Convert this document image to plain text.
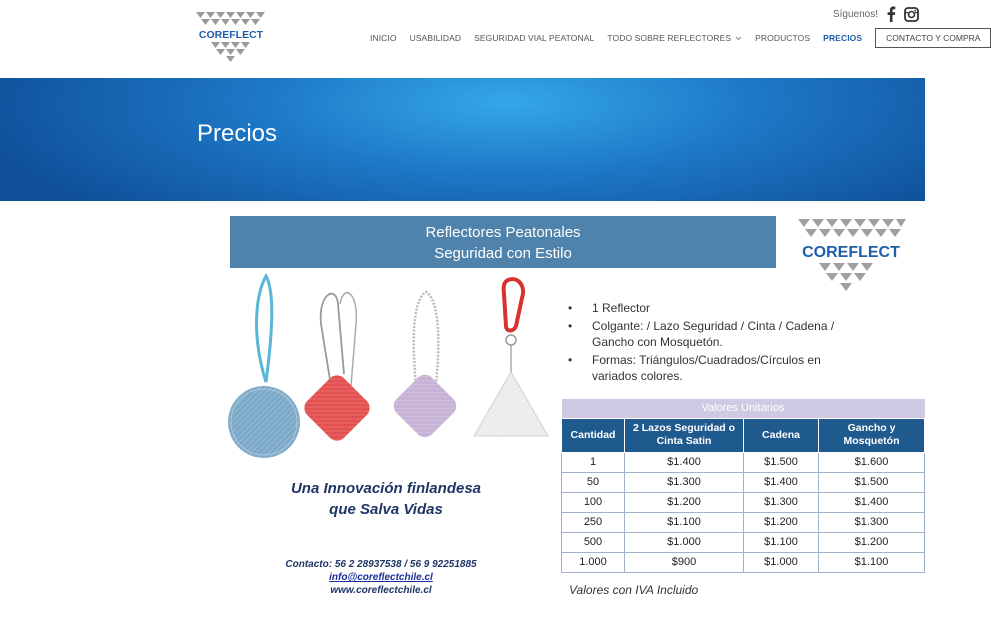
COREFLECT
Síguenos!
INICIO USABILIDAD SEGURIDAD VIAL PEATONAL TODO SOBRE REFLECTORES	PRODUCTOS PRECIOS	CONTACTO Y COMPRA
Precios
Reflectores Peatonales
Seguridad con Estilo	COREFLECT
• 1 Reflector
• Colgante: / Lazo Seguridad / Cinta / Cadena / Gancho con Mosquetón.
• Formas: Triángulos/Cuadrados/Círculos en variados colores.
Una Innovación finlandesa
que Salva Vidas
Contacto: 56 2 28937538 / 56 9 92251885
info@coreflectchile.cl
www.coreflectchile.cl
Valores Unitarios			
Cantidad	2 Lazos Seguridad o Cinta Satin	Cadena	Gancho y Mosquetón
1	$1.400	$1.500	$1.600
50	$1.300	$1.400	$1.500
100	$1.200	$1.300	$1.400
250	$1.100	$1.200	$1.300
500	$1.000	$1.100	$1.200
1.000	$900	$1.000	$1.100
Valores con IVA Incluido
